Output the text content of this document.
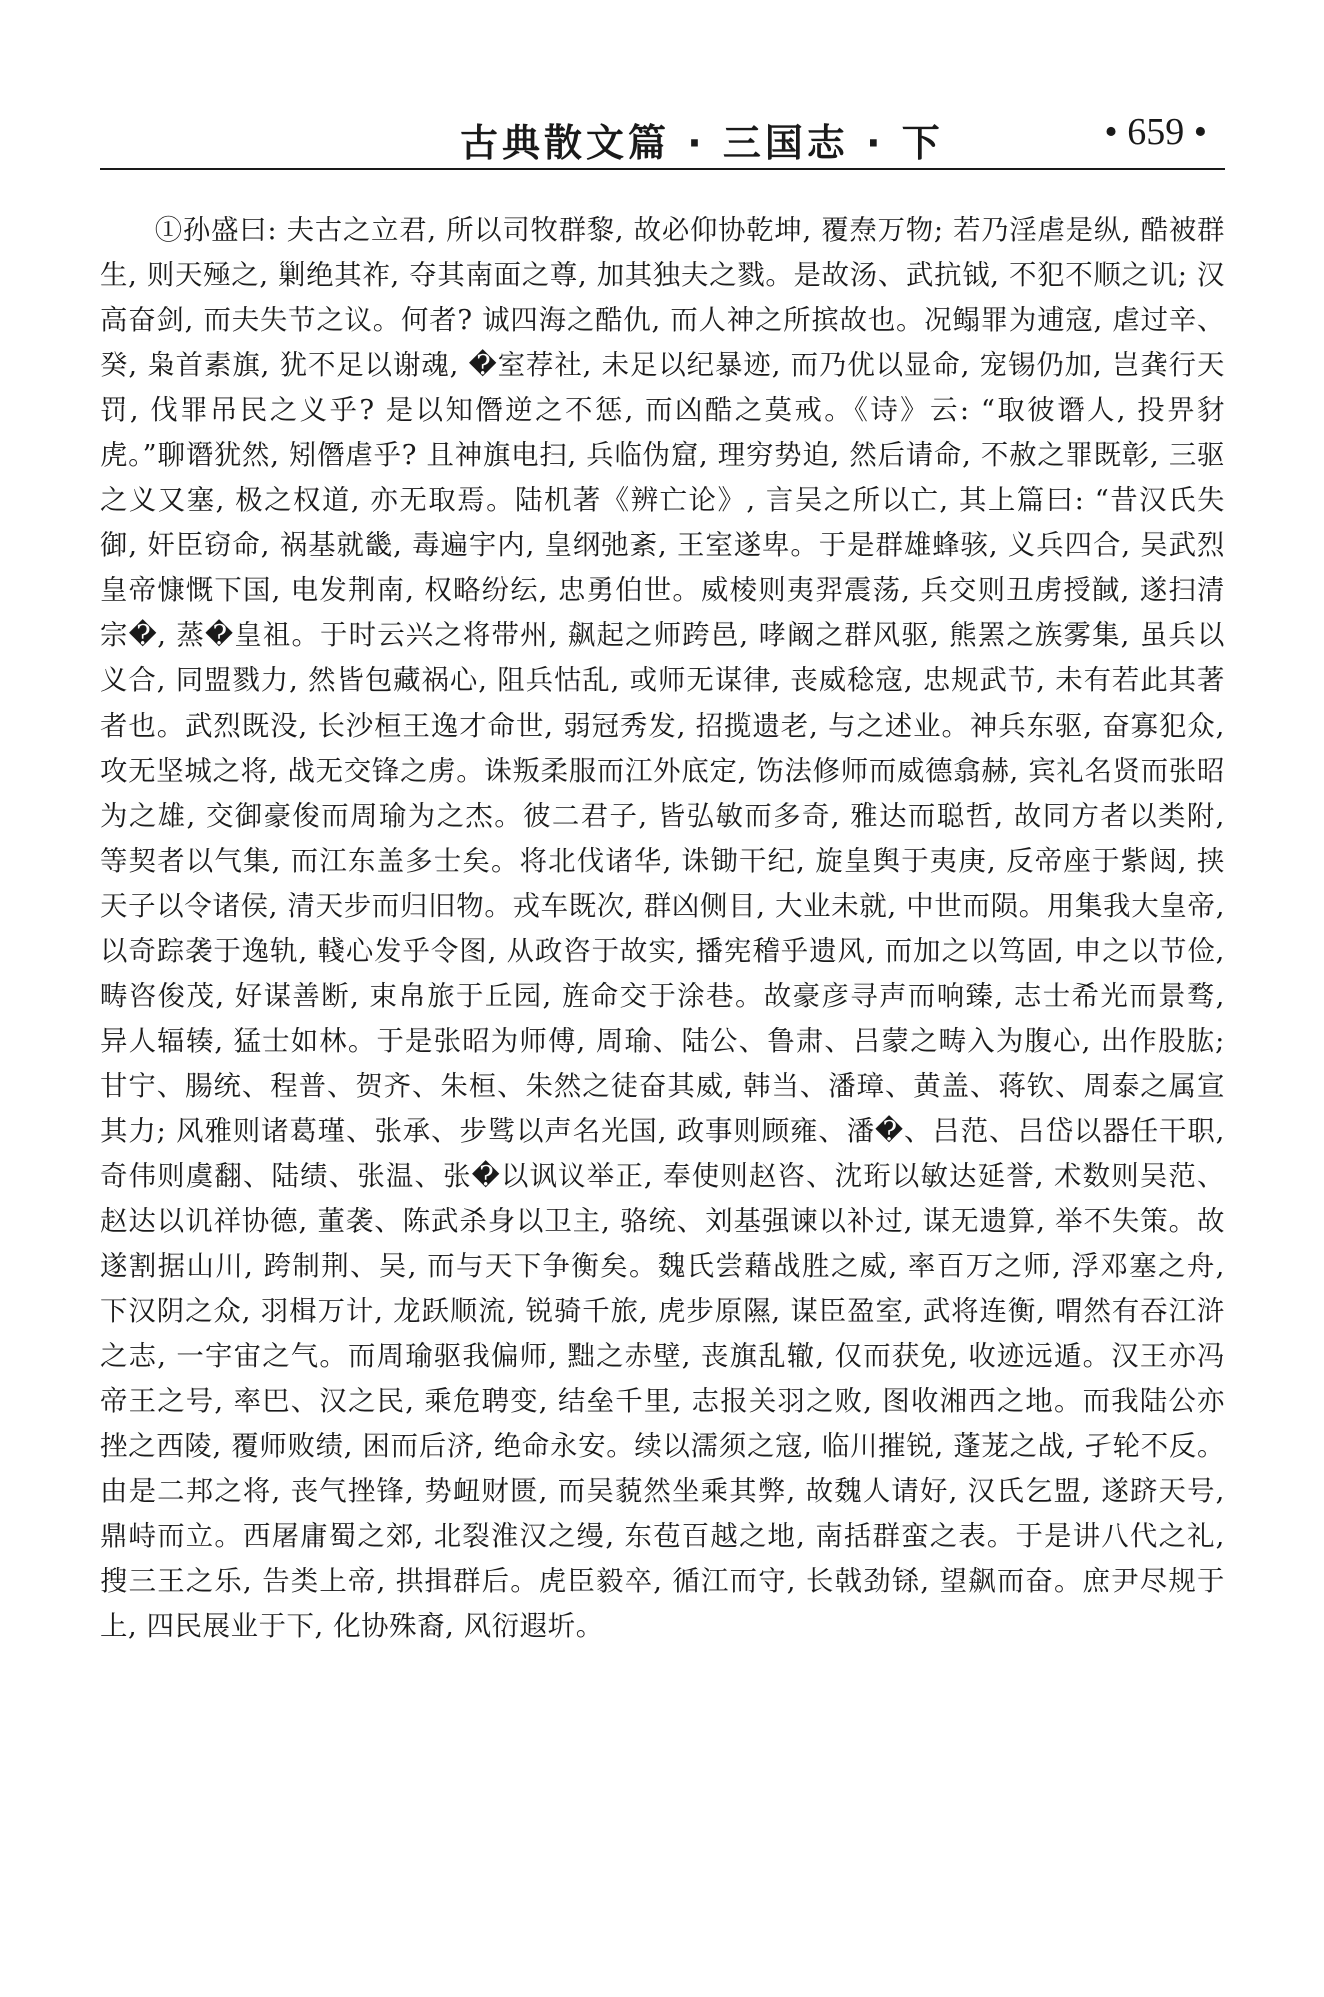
古典散文篇 · 三国志 · 下	• 659 •

①孙盛曰: 夫古之立君, 所以司牧群黎, 故必仰协乾坤, 覆焘万物; 若乃淫虐是纵, 酷被群生, 则天殛之, 剿绝其祚, 夺其南面之尊, 加其独夫之戮。是故汤、武抗钺, 不犯不顺之讥; 汉高奋剑, 而夫失节之议。何者? 诚四海之酷仇, 而人神之所摈故也。况鳎罪为逋寇, 虐过辛、癸, 枭首素旗, 犹不足以谢魂, �室荐社, 未足以纪暴迹, 而乃优以显命, 宠锡仍加, 岂龚行天罚, 伐罪吊民之义乎? 是以知僭逆之不惩, 而凶酷之莫戒。《诗》云: “取彼谮人, 投畀豺虎。”聊谮犹然, 矧僭虐乎? 且神旗电扫, 兵临伪窟, 理穷势迫, 然后请命, 不赦之罪既彰, 三驱之义又塞, 极之权道, 亦无取焉。陆机著《辨亡论》, 言吴之所以亡, 其上篇曰: “昔汉氏失御, 奸臣窃命, 祸基就畿, 毒遍宇内, 皇纲弛紊, 王室遂卑。于是群雄蜂骇, 义兵四合, 吴武烈皇帝慷慨下国, 电发荆南, 权略纷纭, 忠勇伯世。威棱则夷羿震荡, 兵交则丑虏授馘, 遂扫清宗�, 蒸�皇祖。于时云兴之将带州, 飙起之师跨邑, 哮阚之群风驱, 熊罴之族雾集, 虽兵以义合, 同盟戮力, 然皆包藏祸心, 阻兵怙乱, 或师无谋律, 丧威稔寇, 忠规武节, 未有若此其著者也。武烈既没, 长沙桓王逸才命世, 弱冠秀发, 招揽遗老, 与之述业。神兵东驱, 奋寡犯众, 攻无坚城之将, 战无交锋之虏。诛叛柔服而江外底定, 饬法修师而威德翕赫, 宾礼名贤而张昭为之雄, 交御豪俊而周瑜为之杰。彼二君子, 皆弘敏而多奇, 雅达而聪哲, 故同方者以类附, 等契者以气集, 而江东盖多士矣。将北伐诸华, 诛锄干纪, 旋皇舆于夷庚, 反帝座于紫闼, 挟天子以令诸侯, 清天步而归旧物。戎车既次, 群凶侧目, 大业未就, 中世而陨。用集我大皇帝, 以奇踪袭于逸轨, 輚心发乎令图, 从政咨于故实, 播宪稽乎遗风, 而加之以笃固, 申之以节俭, 畴咨俊茂, 好谋善断, 束帛旅于丘园, 旌命交于涂巷。故豪彦寻声而响臻, 志士希光而景骛, 异人辐辏, 猛士如林。于是张昭为师傅, 周瑜、陆公、鲁肃、吕蒙之畴入为腹心, 出作股肱; 甘宁、腸统、程普、贺齐、朱桓、朱然之徒奋其威, 韩当、潘璋、黄盖、蒋钦、周泰之属宣其力; 风雅则诸葛瑾、张承、步骘以声名光国, 政事则顾雍、潘�、吕范、吕岱以器任干职, 奇伟则虞翻、陆绩、张温、张�以讽议举正, 奉使则赵咨、沈珩以敏达延誉, 术数则吴范、赵达以讥祥协德, 董袭、陈武杀身以卫主, 骆统、刘基强谏以补过, 谋无遗算, 举不失策。故遂割据山川, 跨制荆、吴, 而与天下争衡矣。魏氏尝藉战胜之威, 率百万之师, 浮邓塞之舟, 下汉阴之众, 羽楫万计, 龙跃顺流, 锐骑千旅, 虎步原隰, 谋臣盈室, 武将连衡, 喟然有吞江浒之志, 一宇宙之气。而周瑜驱我偏师, 黜之赤壁, 丧旗乱辙, 仅而获免, 收迹远遁。汉王亦冯帝王之号, 率巴、汉之民, 乘危聘变, 结垒千里, 志报关羽之败, 图收湘西之地。而我陆公亦挫之西陵, 覆师败绩, 困而后济, 绝命永安。续以濡须之寇, 临川摧锐, 蓬茏之战, 孑轮不反。由是二邦之将, 丧气挫锋, 势衄财匮, 而吴藐然坐乘其弊, 故魏人请好, 汉氏乞盟, 遂跻天号, 鼎峙而立。西屠庸蜀之郊, 北裂淮汉之缦, 东苞百越之地, 南括群蛮之表。于是讲八代之礼, 搜三王之乐, 告类上帝, 拱揖群后。虎臣毅卒, 循江而守, 长戟劲铩, 望飙而奋。庶尹尽规于上, 四民展业于下, 化协殊裔, 风衍遐圻。
